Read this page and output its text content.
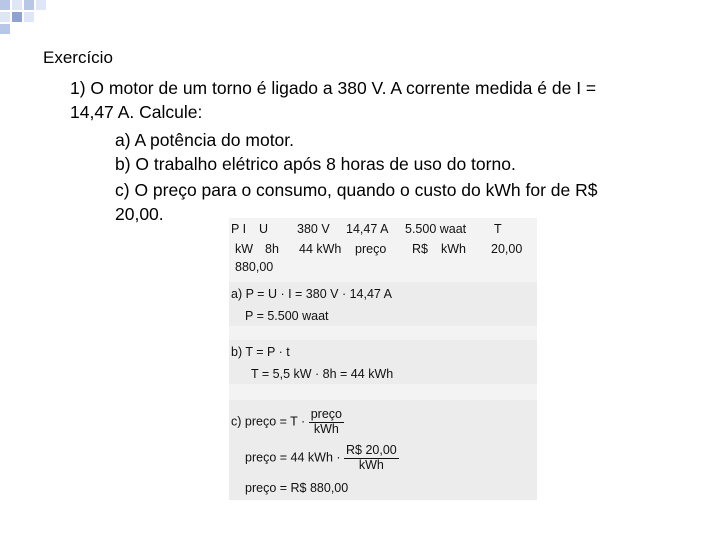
Exercício
1) O motor de um torno é ligado a 380 V. A corrente medida é de I =
14,47 A. Calcule:
a) A potência do motor.
b) O trabalho elétrico após 8 horas de uso do torno.
c) O preço para o consumo, quando o custo do kWh for de R$
20,00.
P I U 380 V 14,47 A 5.500 waat T
kW 8h 44 kWh preço R$ kWh 20,00
880,00
a) P = U · I = 380 V · 14,47 A
P = 5.500 waat
b) T = P · t
T = 5,5 kW · 8h = 44 kWh
c) preço = $T \cdot \frac{\text{preço}}{\text{kWh}}$
preço = 44 kWh · $\frac{R\$ 20,00}{\text{kWh}}$
preço = R$ 880,00
